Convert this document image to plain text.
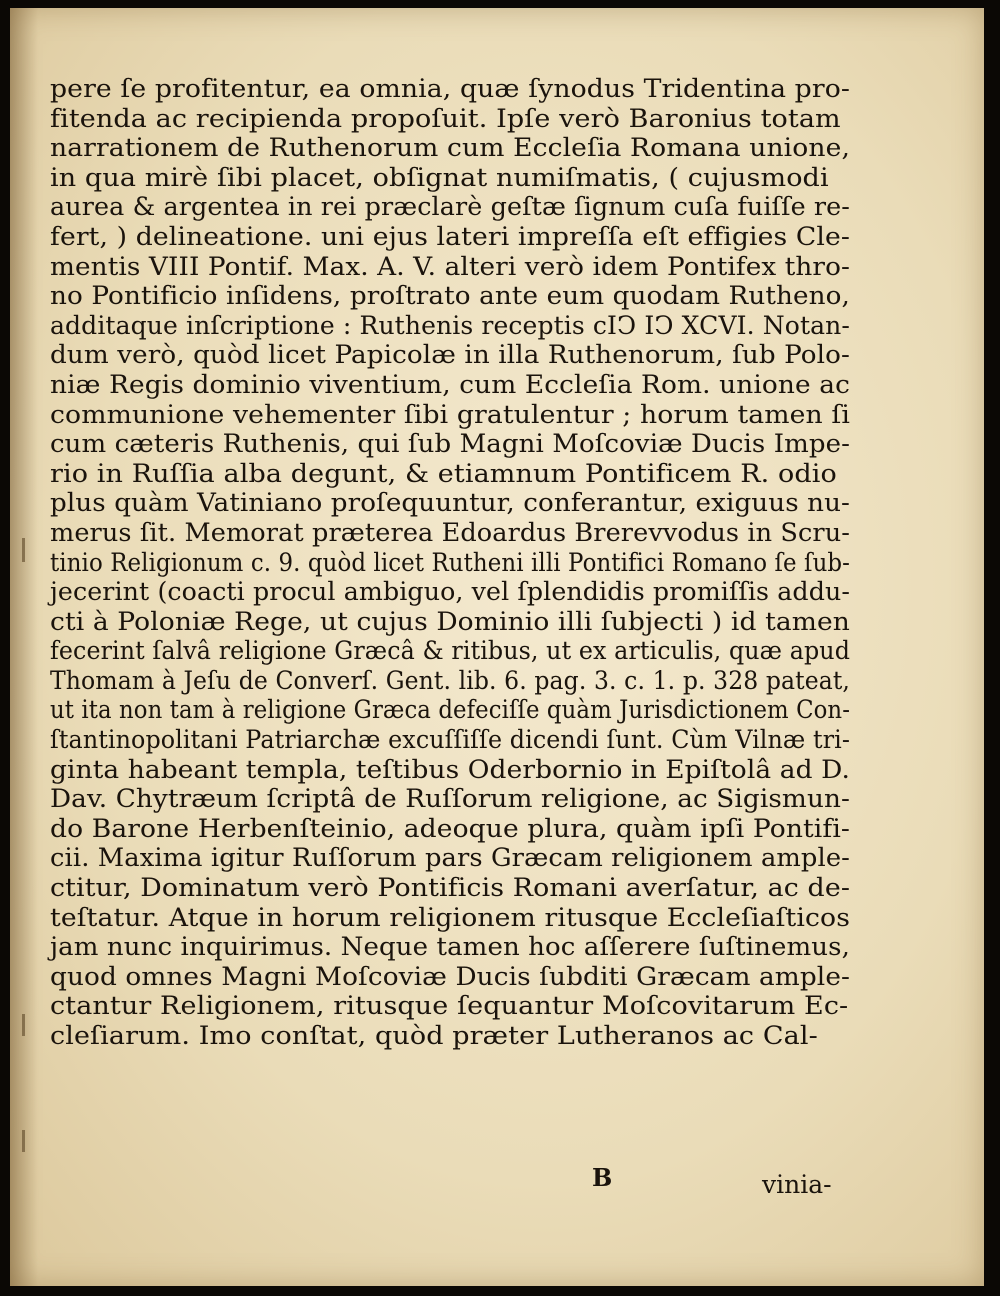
pere ſe profitentur, ea omnia, quæ ſynodus Tridentina pro-
fitenda ac recipienda propoſuit. Ipſe verò Baronius totam
narrationem de Ruthenorum cum Eccleſia Romana unione,
in qua mirè ſibi placet, obſignat numiſmatis, ( cujusmodi
aurea & argentea in rei præclarè geſtæ ſignum cuſa fuiſſe re-
fert, ) delineatione. uni ejus lateri impreſſa eſt effigies Cle-
mentis VIII Pontif. Max. A. V. alteri verò idem Pontifex thro-
no Pontificio inſidens, proſtrato ante eum quodam Rutheno,
additaque inſcriptione : Ruthenis receptis cIↃ IↃ XCVI. Notan-
dum verò, quòd licet Papicolæ in illa Ruthenorum, ſub Polo-
niæ Regis dominio viventium, cum Eccleſia Rom. unione ac
communione vehementer ſibi gratulentur ; horum tamen ſi
cum cæteris Ruthenis, qui ſub Magni Moſcoviæ Ducis Impe-
rio in Ruſſia alba degunt, & etiamnum Pontificem R. odio
plus quàm Vatiniano proſequuntur, conferantur, exiguus nu-
merus ſit. Memorat præterea Edoardus Brerevvodus in Scru-
tinio Religionum c. 9. quòd licet Rutheni illi Pontifici Romano ſe ſub-
jecerint (coacti procul ambiguo, vel ſplendidis promiſſis addu-
cti à Poloniæ Rege, ut cujus Dominio illi ſubjecti ) id tamen
fecerint ſalvâ religione Græcâ & ritibus, ut ex articulis, quæ apud
Thomam à Jeſu de Converſ. Gent. lib. 6. pag. 3. c. 1. p. 328 pateat,
ut ita non tam à religione Græca defeciſſe quàm Jurisdictionem Con-
ſtantinopolitani Patriarchæ excuſſiſſe dicendi ſunt. Cùm Vilnæ tri-
ginta habeant templa, teſtibus Oderbornio in Epiſtolâ ad D.
Dav. Chytræum ſcriptâ de Ruſſorum religione, ac Sigismun-
do Barone Herbenſteinio, adeoque plura, quàm ipſi Pontifi-
cii. Maxima igitur Ruſſorum pars Græcam religionem ample-
ctitur, Dominatum verò Pontificis Romani averſatur, ac de-
teſtatur. Atque in horum religionem ritusque Eccleſiaſticos
jam nunc inquirimus. Neque tamen hoc aſſerere ſuſtinemus,
quod omnes Magni Moſcoviæ Ducis ſubditi Græcam ample-
ctantur Religionem, ritusque ſequantur Moſcovitarum Ec-
cleſiarum. Imo conſtat, quòd præter Lutheranos ac Cal-
B	vinia-
